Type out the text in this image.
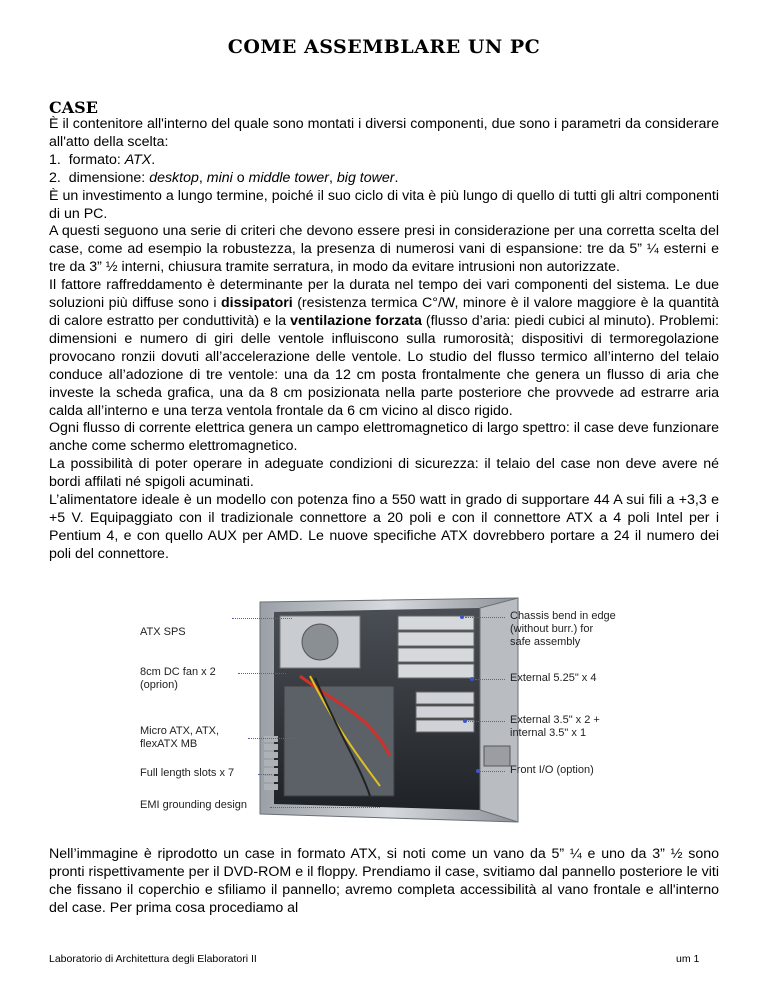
COME ASSEMBLARE UN PC
CASE

È il contenitore all'interno del quale sono montati i diversi componenti, due sono i parametri da considerare all'atto della scelta:

1. formato: ATX.

2. dimensione: desktop, mini o middle tower, big tower.

È un investimento a lungo termine, poiché il suo ciclo di vita è più lungo di quello di tutti gli altri componenti di un PC.

A questi seguono una serie di criteri che devono essere presi in considerazione per una corretta scelta del case, come ad esempio la robustezza, la presenza di numerosi vani di espansione: tre da 5” ¼ esterni e tre da 3” ½ interni, chiusura tramite serratura, in modo da evitare intrusioni non autorizzate.

Il fattore raffreddamento è determinante per la durata nel tempo dei vari componenti del sistema. Le due soluzioni più diffuse sono i dissipatori (resistenza termica C°/W, minore è il valore maggiore è la quantità di calore estratto per conduttività) e la ventilazione forzata (flusso d’aria: piedi cubici al minuto). Problemi: dimensioni e numero di giri delle ventole influiscono sulla rumorosità; dispositivi di termoregolazione provocano ronzii dovuti all’accelerazione delle ventole. Lo studio del flusso termico all’interno del telaio conduce all’adozione di tre ventole: una da 12 cm posta frontalmente che genera un flusso di aria che investe la scheda grafica, una da 8 cm posizionata nella parte posteriore che provvede ad estrarre aria calda all’interno e una terza ventola frontale da 6 cm vicino al disco rigido.

Ogni flusso di corrente elettrica genera un campo elettromagnetico di largo spettro: il case deve funzionare anche come schermo elettromagnetico.

La possibilità di poter operare in adeguate condizioni di sicurezza: il telaio del case non deve avere né bordi affilati né spigoli acuminati.

L’alimentatore ideale è un modello con potenza fino a 550 watt in grado di supportare 44 A sui fili a +3,3 e +5 V. Equipaggiato con il tradizionale connettore a 20 poli e con il connettore ATX a 4 poli Intel per i Pentium 4, e con quello AUX per AMD. Le nuove specifiche ATX dovrebbero portare a 24 il numero dei poli del connettore.

ATX SPS
8cm DC fan x 2
(oprion)
Micro ATX, ATX,
flexATX MB
Full length slots x 7
EMI grounding design
Chassis bend in edge
(without burr.) for
safe assembly
External 5.25" x 4
External 3.5" x 2 +
internal 3.5" x 1
Front I/O (option)

Nell’immagine è riprodotto un case in formato ATX, si noti come un vano da 5” ¼ e uno da 3” ½ sono pronti rispettivamente per il DVD-ROM e il floppy. Prendiamo il case, svitiamo dal pannello posteriore le viti che fissano il coperchio e sfiliamo il pannello; avremo completa accessibilità al vano frontale e all'interno del case. Per prima cosa procediamo al

Laboratorio di Architettura degli Elaboratori II	um 1
